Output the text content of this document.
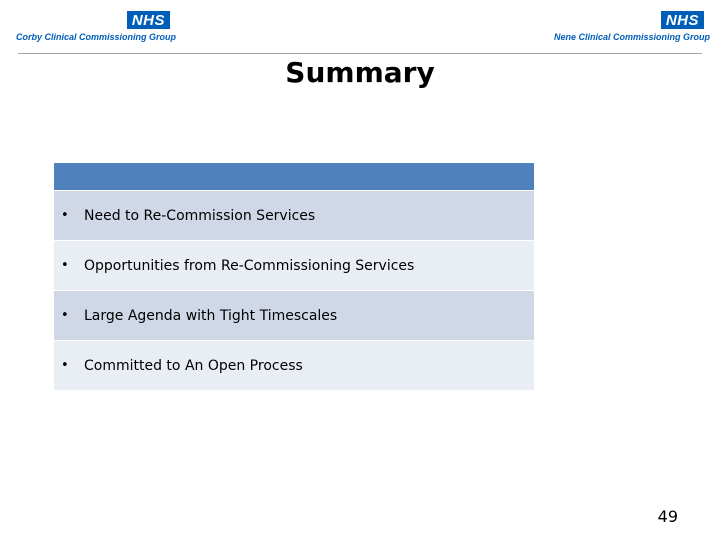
NHS
Corby Clinical Commissioning Group
NHS
Nene Clinical Commissioning Group
Summary
•	Need to Re-Commission Services
•	Opportunities from Re-Commissioning Services
•	Large Agenda with Tight Timescales
•	Committed to An Open Process
49
